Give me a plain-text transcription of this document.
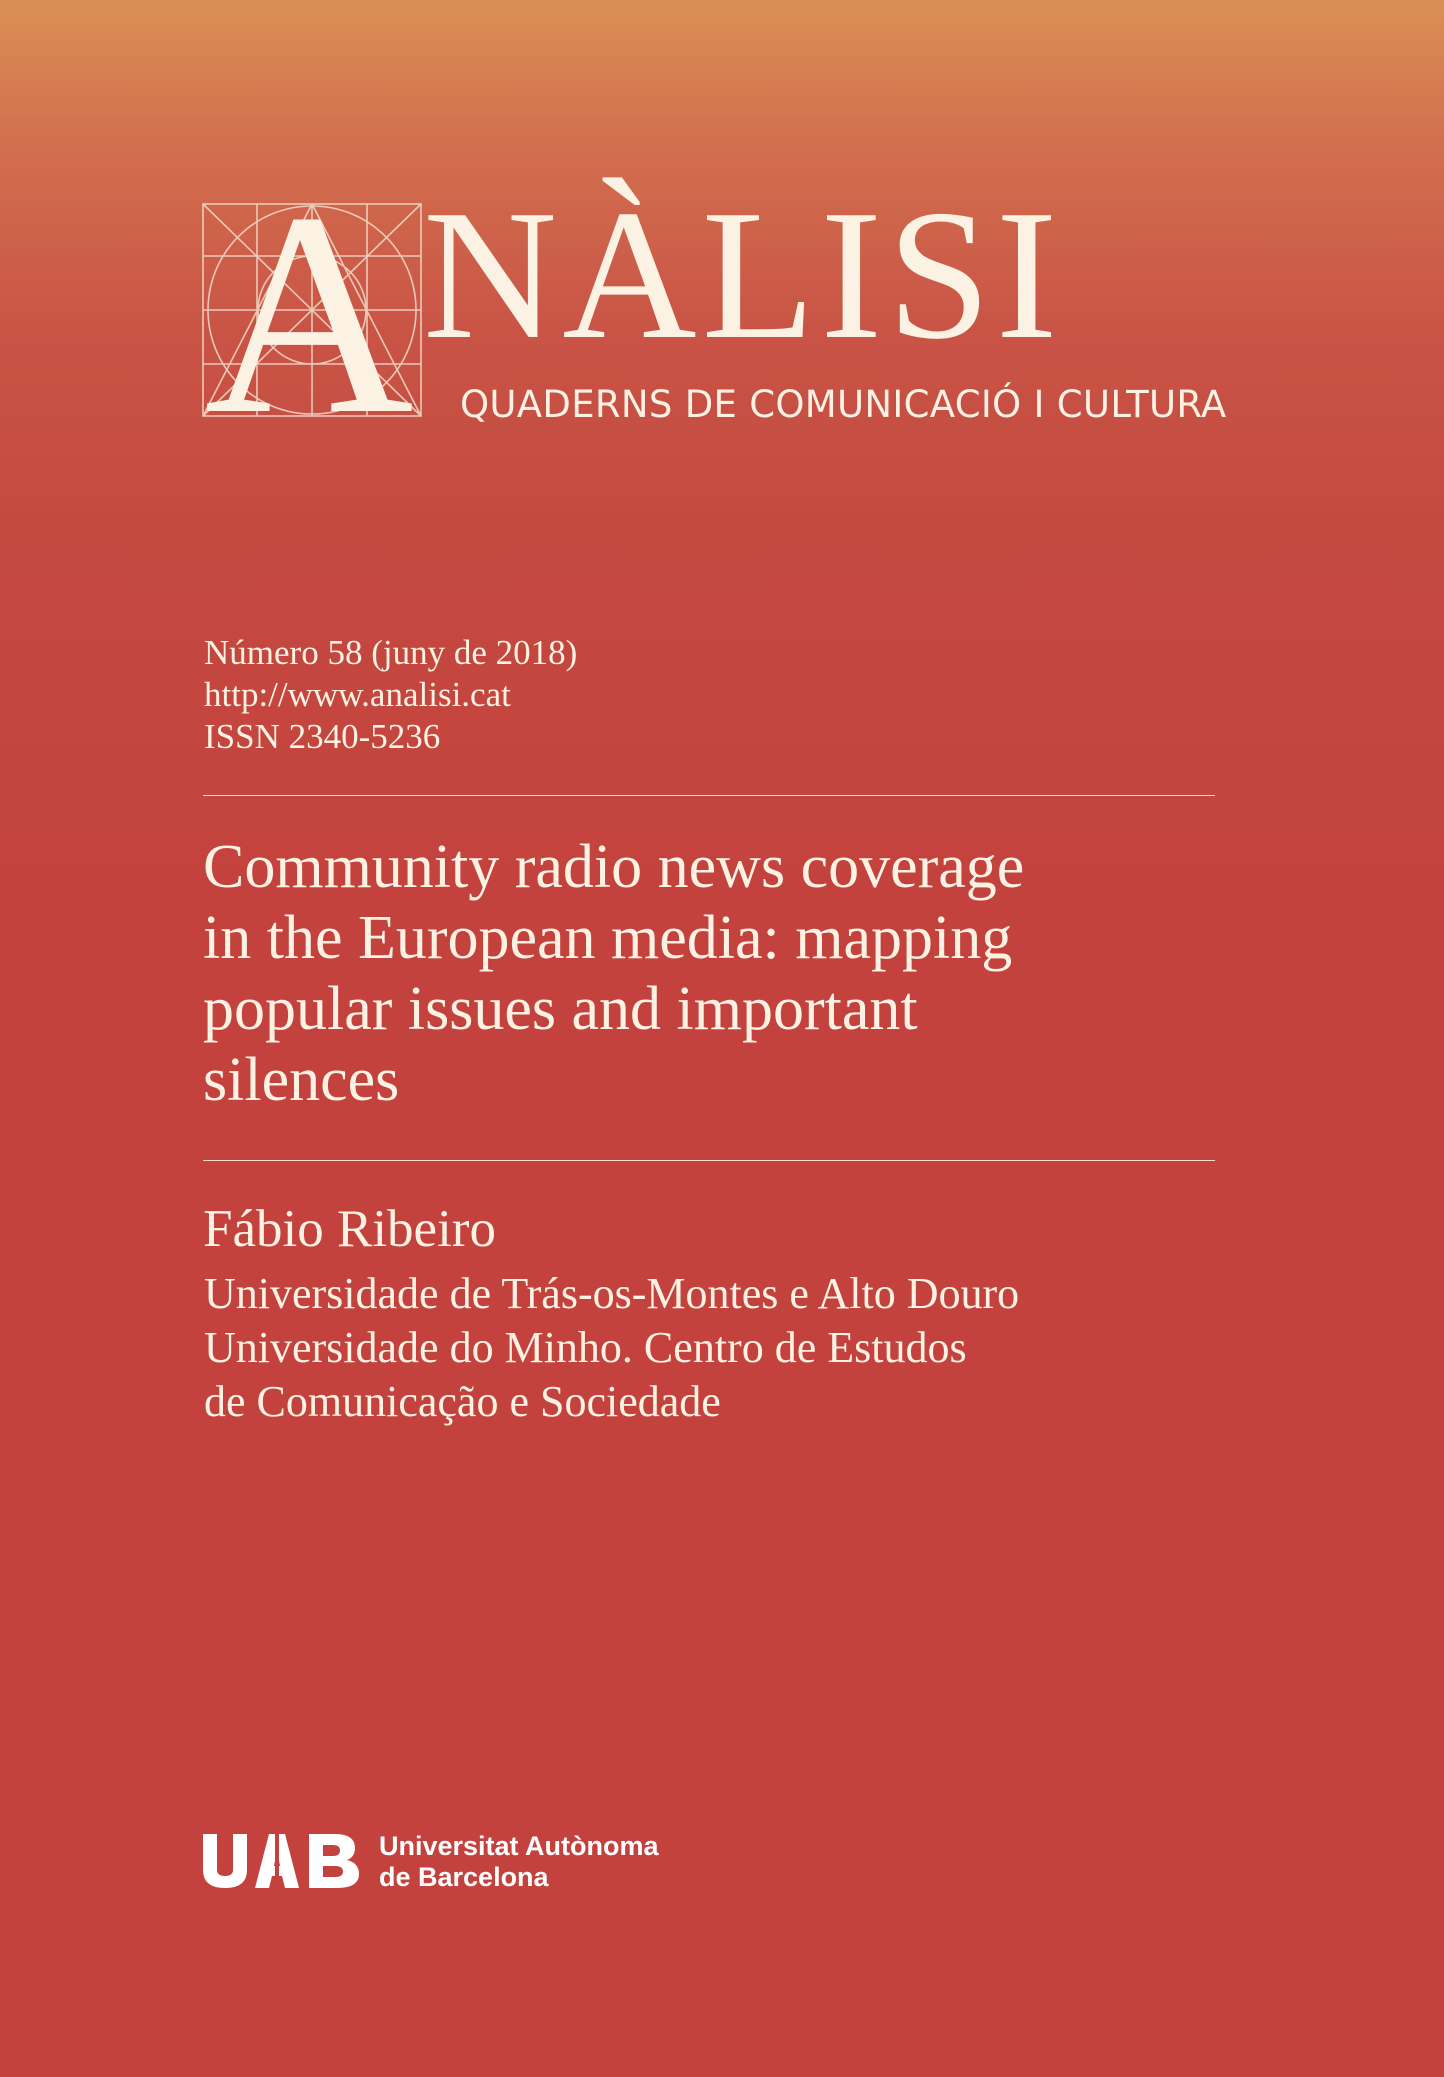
A NÀLISI
QUADERNS DE COMUNICACIÓ I CULTURA
Número 58 (juny de 2018)
http://www.analisi.cat
ISSN 2340-5236
Community radio news coverage
in the European media: mapping
popular issues and important
silences
Fábio Ribeiro
Universidade de Trás-os-Montes e Alto Douro
Universidade do Minho. Centro de Estudos
de Comunicação e Sociedade
Universitat Autònoma
de Barcelona
